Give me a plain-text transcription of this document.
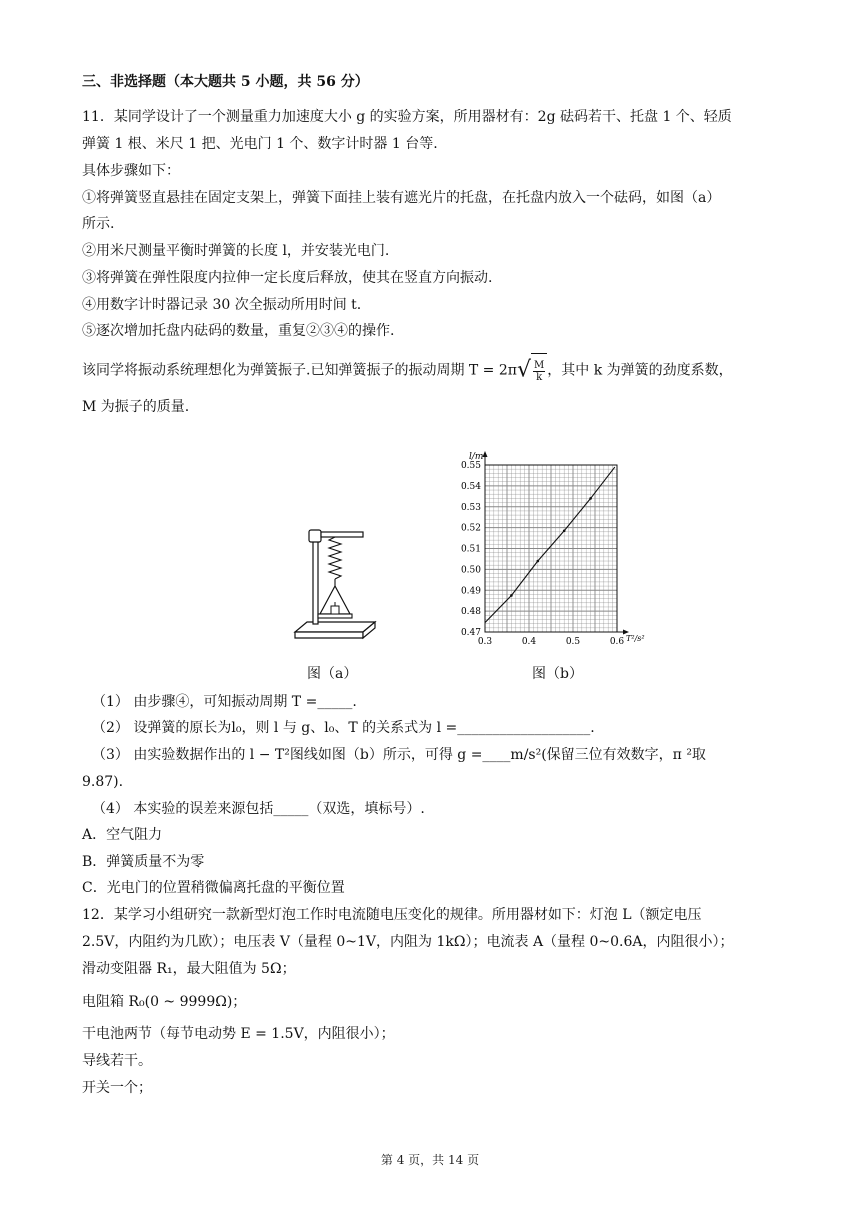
三、非选择题（本大题共 5 小题，共 56 分）
11．某同学设计了一个测量重力加速度大小 g 的实验方案，所用器材有：2g 砝码若干、托盘 1 个、轻质
弹簧 1 根、米尺 1 把、光电门 1 个、数字计时器 1 台等.
具体步骤如下：
①将弹簧竖直悬挂在固定支架上，弹簧下面挂上装有遮光片的托盘，在托盘内放入一个砝码，如图（a）
所示.
②用米尺测量平衡时弹簧的长度 l，并安装光电门.
③将弹簧在弹性限度内拉伸一定长度后释放，使其在竖直方向振动.
④用数字计时器记录 30 次全振动所用时间 t.
⑤逐次增加托盘内砝码的数量，重复②③④的操作.
该同学将振动系统理想化为弹簧振子.已知弹簧振子的振动周期 $T = 2\pi√ \frac{M}{k}$ ，其中 k 为弹簧的劲度系数，
M 为振子的质量.
图（a）
0.3	0.4	0.5	0.6
0.47
0.48
0.49
0.50
0.51
0.52
0.53
0.54
0.55
l/m
T²/s²
图（b）
（1） 由步骤④，可知振动周期 T =_____.
（2） 设弹簧的原长为l₀，则 l 与 g、l₀、T 的关系式为 l =___________________.
（3） 由实验数据作出的 l − T²图线如图（b）所示，可得 g =____m/s²(保留三位有效数字，π ²取
9.87).
（4） 本实验的误差来源包括_____（双选，填标号）.
A．空气阻力
B．弹簧质量不为零
C．光电门的位置稍微偏离托盘的平衡位置
12．某学习小组研究一款新型灯泡工作时电流随电压变化的规律。所用器材如下：灯泡 L（额定电压
2.5V，内阻约为几欧）；电压表 V（量程 0~1V，内阻为 1kΩ）；电流表 A（量程 0~0.6A，内阻很小）；
滑动变阻器 R₁，最大阻值为 5Ω；
电阻箱 R₀(0 ~ 9999Ω)；
干电池两节（每节电动势 E = 1.5V，内阻很小）；
导线若干。
开关一个；
第 4 页，共 14 页
